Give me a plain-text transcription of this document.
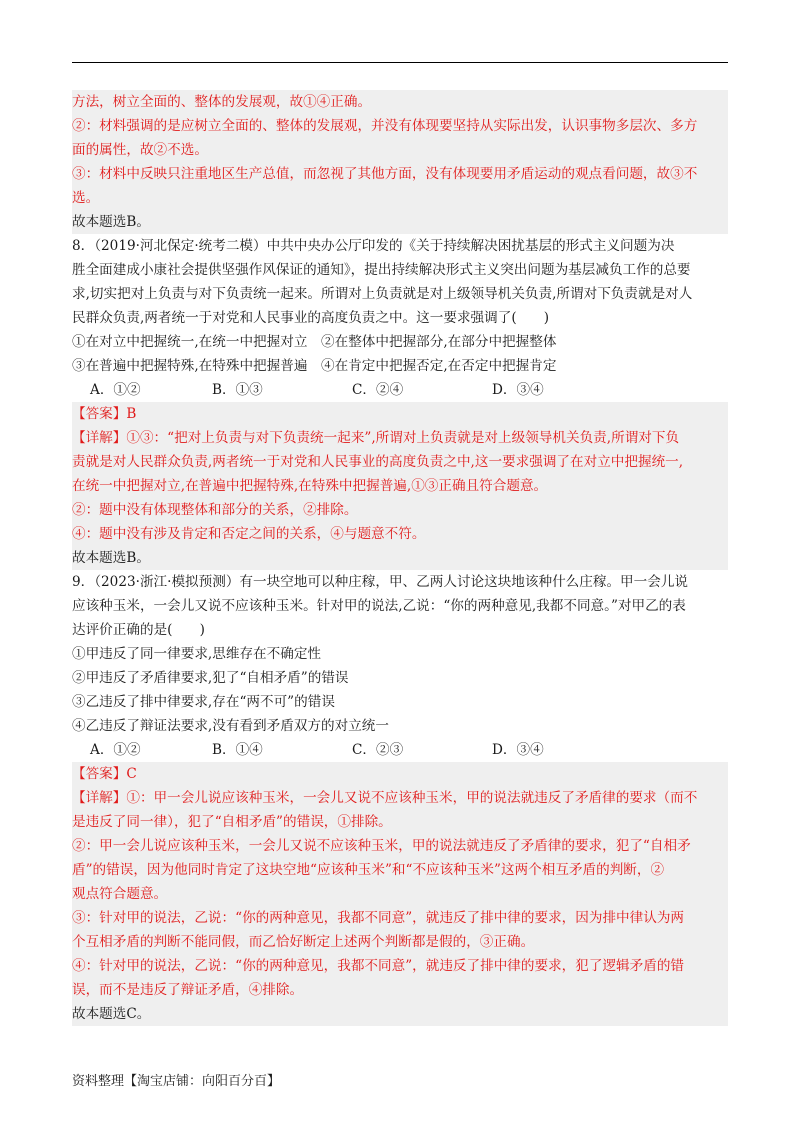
方法，树立全面的、整体的发展观，故①④正确。
②：材料强调的是应树立全面的、整体的发展观，并没有体现要坚持从实际出发，认识事物多层次、多方
面的属性，故②不选。
③：材料中反映只注重地区生产总值，而忽视了其他方面，没有体现要用矛盾运动的观点看问题，故③不
选。
故本题选B。
8．（2019·河北保定·统考二模）中共中央办公厅印发的《关于持续解决困扰基层的形式主义问题为决
胜全面建成小康社会提供坚强作风保证的通知》，提出持续解决形式主义突出问题为基层减负工作的总要
求,切实把对上负责与对下负责统一起来。所谓对上负责就是对上级领导机关负责,所谓对下负责就是对人
民群众负责,两者统一于对党和人民事业的高度负责之中。这一要求强调了(　　)
①在对立中把握统一,在统一中把握对立　②在整体中把握部分,在部分中把握整体
③在普遍中把握特殊,在特殊中把握普遍　④在肯定中把握否定,在否定中把握肯定
A．①②	B．①③	C．②④	D．③④
【答案】B
【详解】①③：“把对上负责与对下负责统一起来”,所谓对上负责就是对上级领导机关负责,所谓对下负
责就是对人民群众负责,两者统一于对党和人民事业的高度负责之中,这一要求强调了在对立中把握统一,
在统一中把握对立,在普遍中把握特殊,在特殊中把握普遍,①③正确且符合题意。
②：题中没有体现整体和部分的关系，②排除。
④：题中没有涉及肯定和否定之间的关系，④与题意不符。
故本题选B。
9．（2023·浙江·模拟预测）有一块空地可以种庄稼，甲、乙两人讨论这块地该种什么庄稼。甲一会儿说
应该种玉米，一会儿又说不应该种玉米。针对甲的说法,乙说：“你的两种意见,我都不同意。”对甲乙的表
达评价正确的是(　　)
①甲违反了同一律要求,思维存在不确定性
②甲违反了矛盾律要求,犯了“自相矛盾”的错误
③乙违反了排中律要求,存在“两不可”的错误
④乙违反了辩证法要求,没有看到矛盾双方的对立统一
A．①②	B．①④	C．②③	D．③④
【答案】C
【详解】①：甲一会儿说应该种玉米，一会儿又说不应该种玉米，甲的说法就违反了矛盾律的要求（而不
是违反了同一律），犯了“自相矛盾”的错误，①排除。
②：甲一会儿说应该种玉米，一会儿又说不应该种玉米，甲的说法就违反了矛盾律的要求，犯了“自相矛
盾”的错误，因为他同时肯定了这块空地“应该种玉米”和“不应该种玉米”这两个相互矛盾的判断，②
观点符合题意。
③：针对甲的说法，乙说：“你的两种意见，我都不同意”，就违反了排中律的要求，因为排中律认为两
个互相矛盾的判断不能同假，而乙恰好断定上述两个判断都是假的，③正确。
④：针对甲的说法，乙说：“你的两种意见，我都不同意”，就违反了排中律的要求，犯了逻辑矛盾的错
误，而不是违反了辩证矛盾，④排除。
故本题选C。
资料整理【淘宝店铺：向阳百分百】
